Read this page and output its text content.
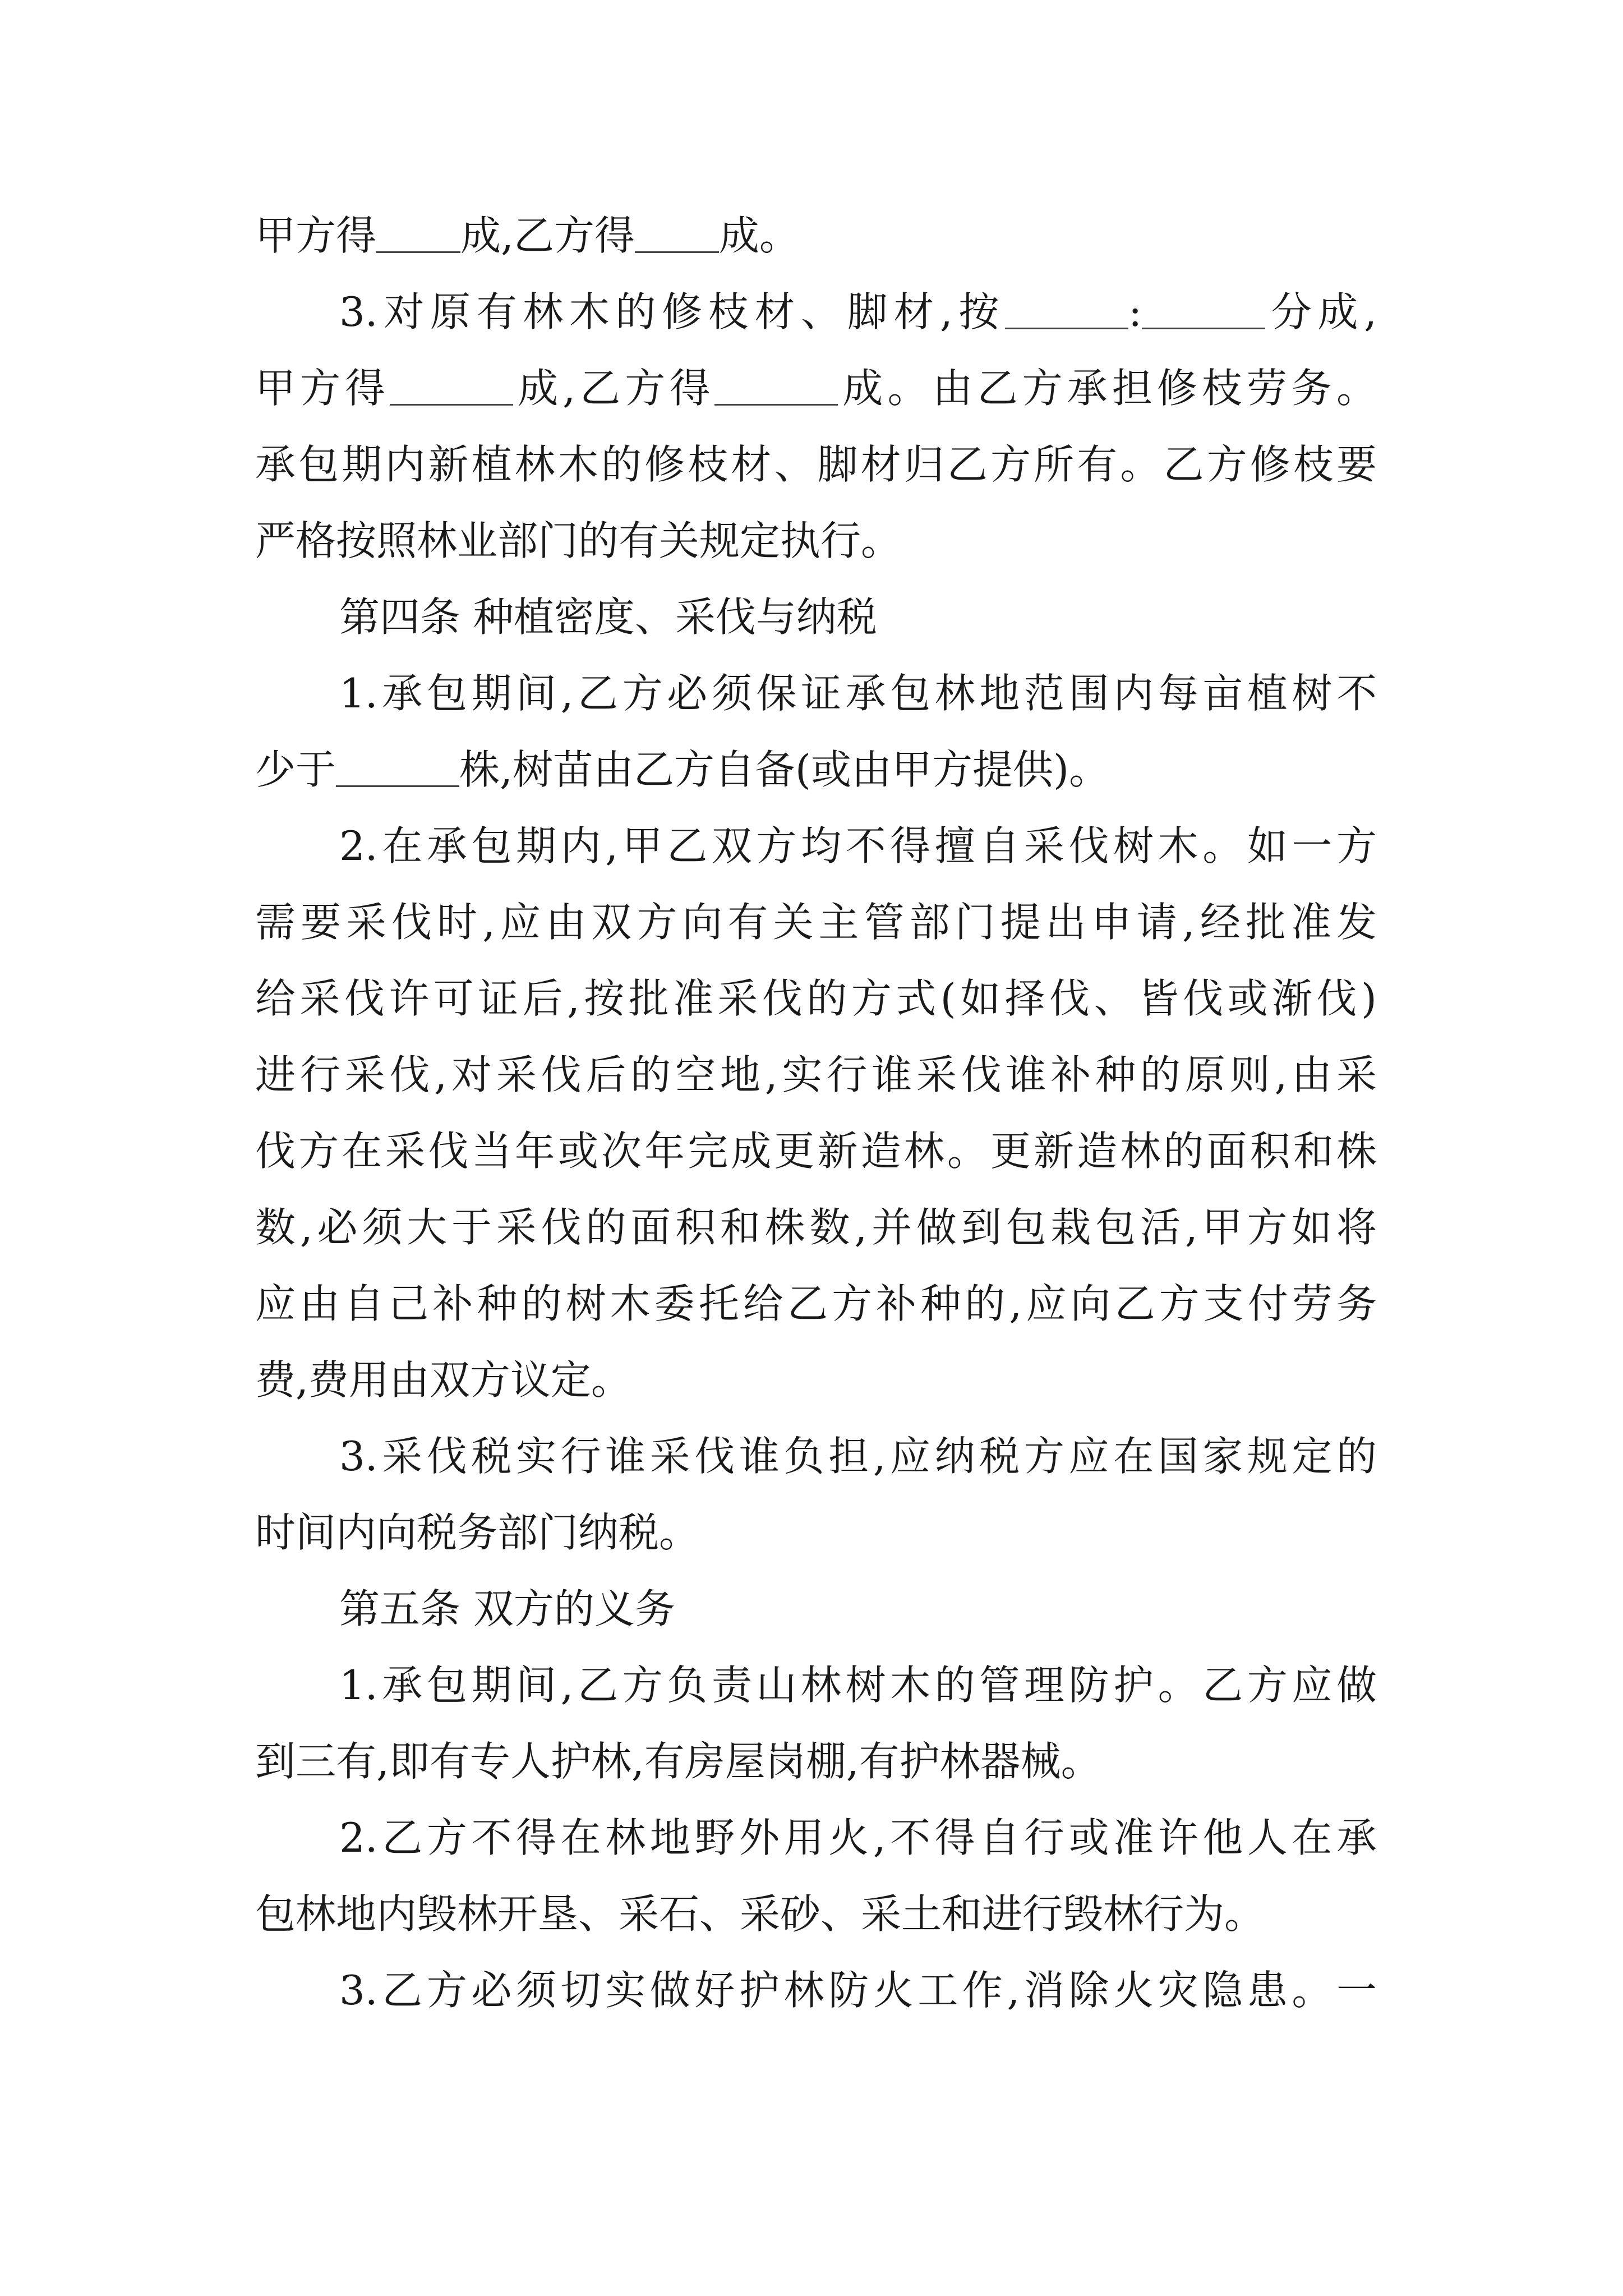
甲方得 成,乙方得 成。
3.对原有林木的修枝材、脚材,按	:	分成,
甲方得	成,乙方得	成。由乙方承担修枝劳务。
承包期内新植林木的修枝材、脚材归乙方所有。乙方修枝要
严格按照林业部门的有关规定执行。
第四条 种植密度、采伐与纳税
1.承包期间,乙方必须保证承包林地范围内每亩植树不
少于	株,树苗由乙方自备(或由甲方提供)。
2.在承包期内,甲乙双方均不得擅自采伐树木。如一方
需要采伐时,应由双方向有关主管部门提出申请,经批准发
给采伐许可证后,按批准采伐的方式(如择伐、皆伐或渐伐)
进行采伐,对采伐后的空地,实行谁采伐谁补种的原则,由采
伐方在采伐当年或次年完成更新造林。更新造林的面积和株
数,必须大于采伐的面积和株数,并做到包栽包活,甲方如将
应由自己补种的树木委托给乙方补种的,应向乙方支付劳务
费,费用由双方议定。
3.采伐税实行谁采伐谁负担,应纳税方应在国家规定的
时间内向税务部门纳税。
第五条 双方的义务
1.承包期间,乙方负责山林树木的管理防护。乙方应做
到三有,即有专人护林,有房屋岗棚,有护林器械。
2.乙方不得在林地野外用火,不得自行或准许他人在承
包林地内毁林开垦、采石、采砂、采土和进行毁林行为。
3.乙方必须切实做好护林防火工作,消除火灾隐患。一
